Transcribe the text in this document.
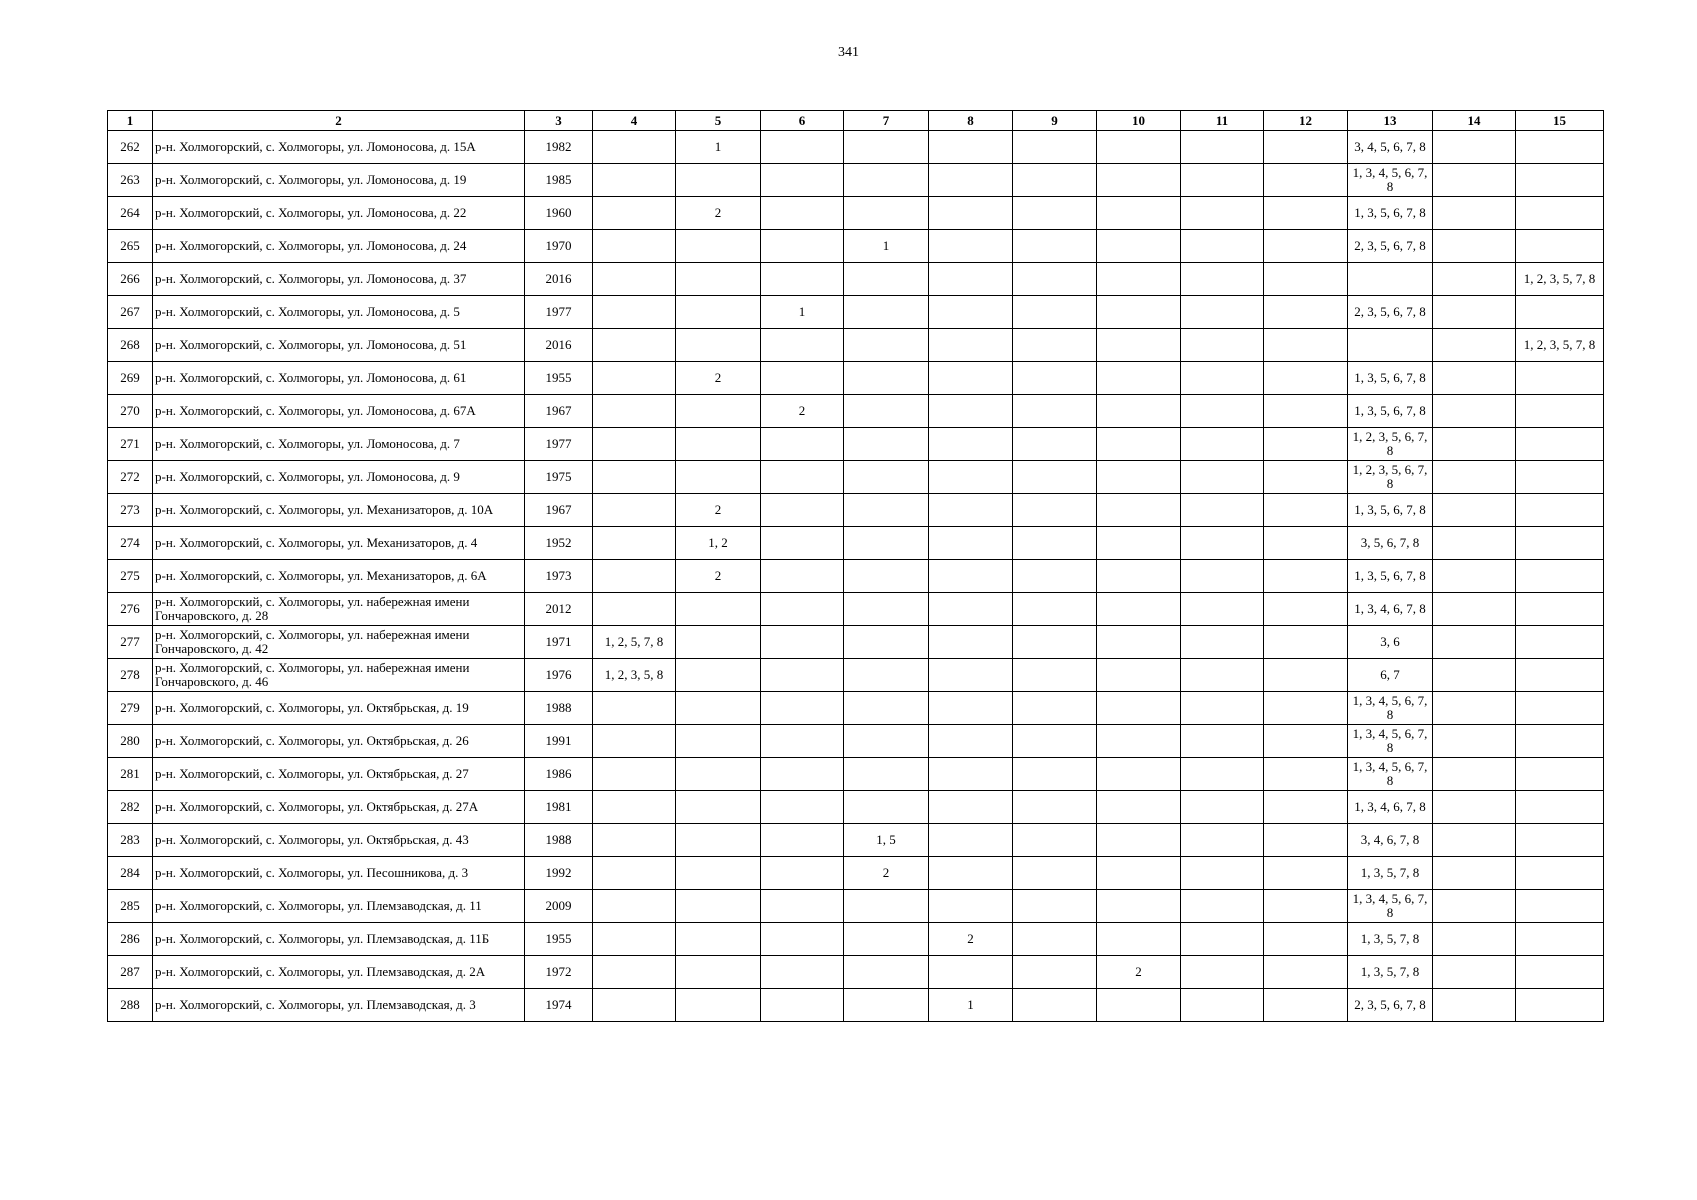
341
1	2	3	4	5	6	7	8	9	10	11	12	13	14	15
262	р-н. Холмогорский, с. Холмогоры, ул. Ломоносова, д. 15А	1982		1								3, 4, 5, 6, 7, 8		
263	р-н. Холмогорский, с. Холмогоры, ул. Ломоносова, д. 19	1985										1, 3, 4, 5, 6, 7, 8		
264	р-н. Холмогорский, с. Холмогоры, ул. Ломоносова, д. 22	1960		2								1, 3, 5, 6, 7, 8		
265	р-н. Холмогорский, с. Холмогоры, ул. Ломоносова, д. 24	1970				1						2, 3, 5, 6, 7, 8		
266	р-н. Холмогорский, с. Холмогоры, ул. Ломоносова, д. 37	2016												1, 2, 3, 5, 7, 8
267	р-н. Холмогорский, с. Холмогоры, ул. Ломоносова, д. 5	1977			1							2, 3, 5, 6, 7, 8		
268	р-н. Холмогорский, с. Холмогоры, ул. Ломоносова, д. 51	2016												1, 2, 3, 5, 7, 8
269	р-н. Холмогорский, с. Холмогоры, ул. Ломоносова, д. 61	1955		2								1, 3, 5, 6, 7, 8		
270	р-н. Холмогорский, с. Холмогоры, ул. Ломоносова, д. 67А	1967			2							1, 3, 5, 6, 7, 8		
271	р-н. Холмогорский, с. Холмогоры, ул. Ломоносова, д. 7	1977										1, 2, 3, 5, 6, 7, 8		
272	р-н. Холмогорский, с. Холмогоры, ул. Ломоносова, д. 9	1975										1, 2, 3, 5, 6, 7, 8		
273	р-н. Холмогорский, с. Холмогоры, ул. Механизаторов, д. 10А	1967		2								1, 3, 5, 6, 7, 8		
274	р-н. Холмогорский, с. Холмогоры, ул. Механизаторов, д. 4	1952		1, 2								3, 5, 6, 7, 8		
275	р-н. Холмогорский, с. Холмогоры, ул. Механизаторов, д. 6А	1973		2								1, 3, 5, 6, 7, 8		
276	р-н. Холмогорский, с. Холмогоры, ул. набережная имени Гончаровского, д. 28	2012										1, 3, 4, 6, 7, 8		
277	р-н. Холмогорский, с. Холмогоры, ул. набережная имени Гончаровского, д. 42	1971	1, 2, 5, 7, 8									3, 6		
278	р-н. Холмогорский, с. Холмогоры, ул. набережная имени Гончаровского, д. 46	1976	1, 2, 3, 5, 8									6, 7		
279	р-н. Холмогорский, с. Холмогоры, ул. Октябрьская, д. 19	1988										1, 3, 4, 5, 6, 7, 8		
280	р-н. Холмогорский, с. Холмогоры, ул. Октябрьская, д. 26	1991										1, 3, 4, 5, 6, 7, 8		
281	р-н. Холмогорский, с. Холмогоры, ул. Октябрьская, д. 27	1986										1, 3, 4, 5, 6, 7, 8		
282	р-н. Холмогорский, с. Холмогоры, ул. Октябрьская, д. 27А	1981										1, 3, 4, 6, 7, 8		
283	р-н. Холмогорский, с. Холмогоры, ул. Октябрьская, д. 43	1988				1, 5						3, 4, 6, 7, 8		
284	р-н. Холмогорский, с. Холмогоры, ул. Песошникова, д. 3	1992				2						1, 3, 5, 7, 8		
285	р-н. Холмогорский, с. Холмогоры, ул. Племзаводская, д. 11	2009										1, 3, 4, 5, 6, 7, 8		
286	р-н. Холмогорский, с. Холмогоры, ул. Племзаводская, д. 11Б	1955					2					1, 3, 5, 7, 8		
287	р-н. Холмогорский, с. Холмогоры, ул. Племзаводская, д. 2А	1972							2			1, 3, 5, 7, 8		
288	р-н. Холмогорский, с. Холмогоры, ул. Племзаводская, д. 3	1974					1					2, 3, 5, 6, 7, 8		
